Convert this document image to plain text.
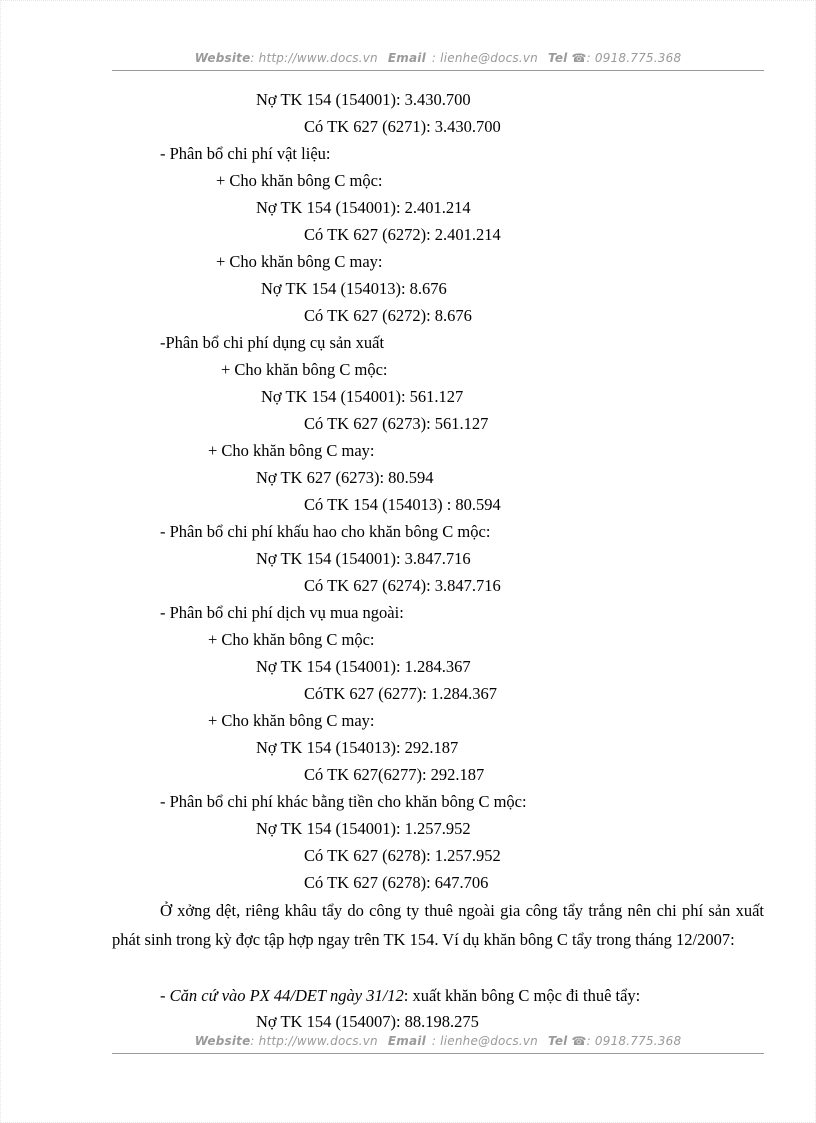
Website: http://www.docs.vn Email : lienhe@docs.vn Tel ☎: 0918.775.368
Nợ TK 154 (154001): 3.430.700
Có TK 627 (6271): 3.430.700
- Phân bổ chi phí vật liệu:
+ Cho khăn bông C mộc:
Nợ TK 154 (154001): 2.401.214
Có TK 627 (6272): 2.401.214
+ Cho khăn bông C may:
Nợ TK 154 (154013): 8.676
Có TK 627 (6272): 8.676
-Phân bổ chi phí dụng cụ sản xuất
+ Cho khăn bông C mộc:
Nợ TK 154 (154001): 561.127
Có TK 627 (6273): 561.127
+ Cho khăn bông C may:
Nợ TK 627 (6273): 80.594
Có TK 154 (154013) : 80.594
- Phân bổ chi phí khấu hao cho khăn bông C mộc:
Nợ TK 154 (154001): 3.847.716
Có TK 627 (6274): 3.847.716
- Phân bổ chi phí dịch vụ mua ngoài:
+ Cho khăn bông C mộc:
Nợ TK 154 (154001): 1.284.367
CóTK 627 (6277): 1.284.367
+ Cho khăn bông C may:
Nợ TK 154 (154013): 292.187
Có TK 627(6277): 292.187
- Phân bổ chi phí khác bằng tiền cho khăn bông C mộc:
Nợ TK 154 (154001): 1.257.952
Có TK 627 (6278): 1.257.952
Có TK 627 (6278): 647.706
Ở xởng dệt, riêng khâu tẩy do công ty thuê ngoài gia công tẩy trắng nên chi phí sản xuất phát sinh trong kỳ đợc tập hợp ngay trên TK 154. Ví dụ khăn bông C tẩy trong tháng 12/2007:
- Căn cứ vào PX 44/DET ngày 31/12: xuất khăn bông C mộc đi thuê tẩy:
Nợ TK 154 (154007): 88.198.275
Website: http://www.docs.vn Email : lienhe@docs.vn Tel ☎: 0918.775.368
